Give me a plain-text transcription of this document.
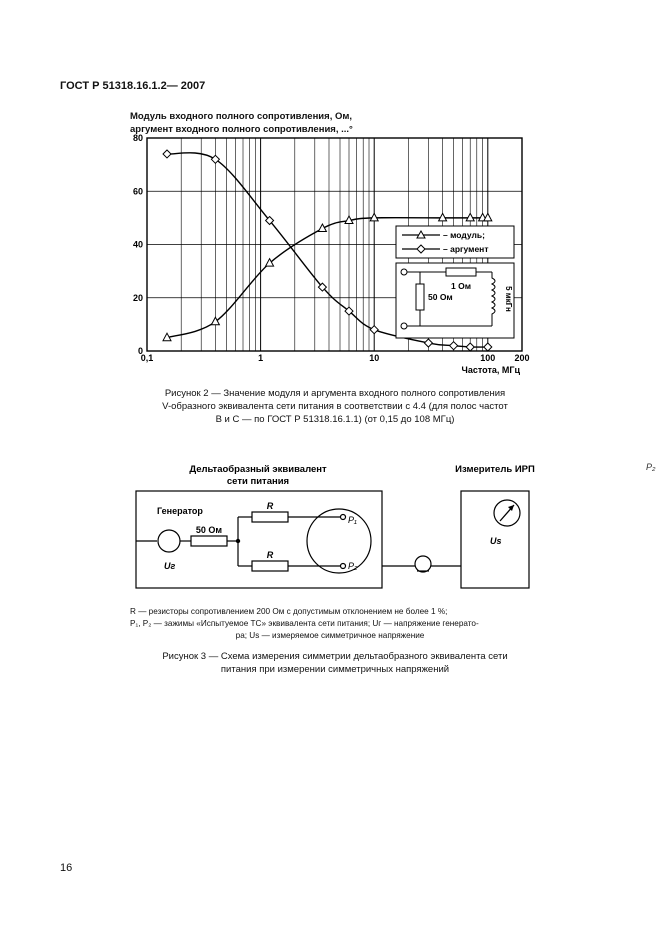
ГОСТ Р 51318.16.1.2— 2007
P₂
Модуль входного полного сопротивления, Ом,
аргумент входного полного сопротивления, ...°
0
20
40
60
80
0,1	1	10	100 200
Частота, МГц
– модуль;
– аргумент
1 Ом
50 Ом	5 мкГн
Рисунок 2 — Значение модуля и аргумента входного полного сопротивления
V-образного эквивалента сети питания в соответствии с 4.4 (для полос частот
B и C — по ГОСТ Р 51318.16.1.1) (от 0,15 до 108 МГц)
Дельтаобразный эквивалент
сети питания
Измеритель ИРП
Генератор
50 Ом
R
R
P₁
P₂
Uг
Us
R — резисторы сопротивлением 200 Ом с допустимым отклонением не более 1 %;
P₁, P₂ — зажимы «Испытуемое ТС» эквивалента сети питания; Uг — напряжение генерато-
ра; Us — измеряемое симметричное напряжение
Рисунок 3 — Схема измерения симметрии дельтаобразного эквивалента сети
питания при измерении симметричных напряжений
16
